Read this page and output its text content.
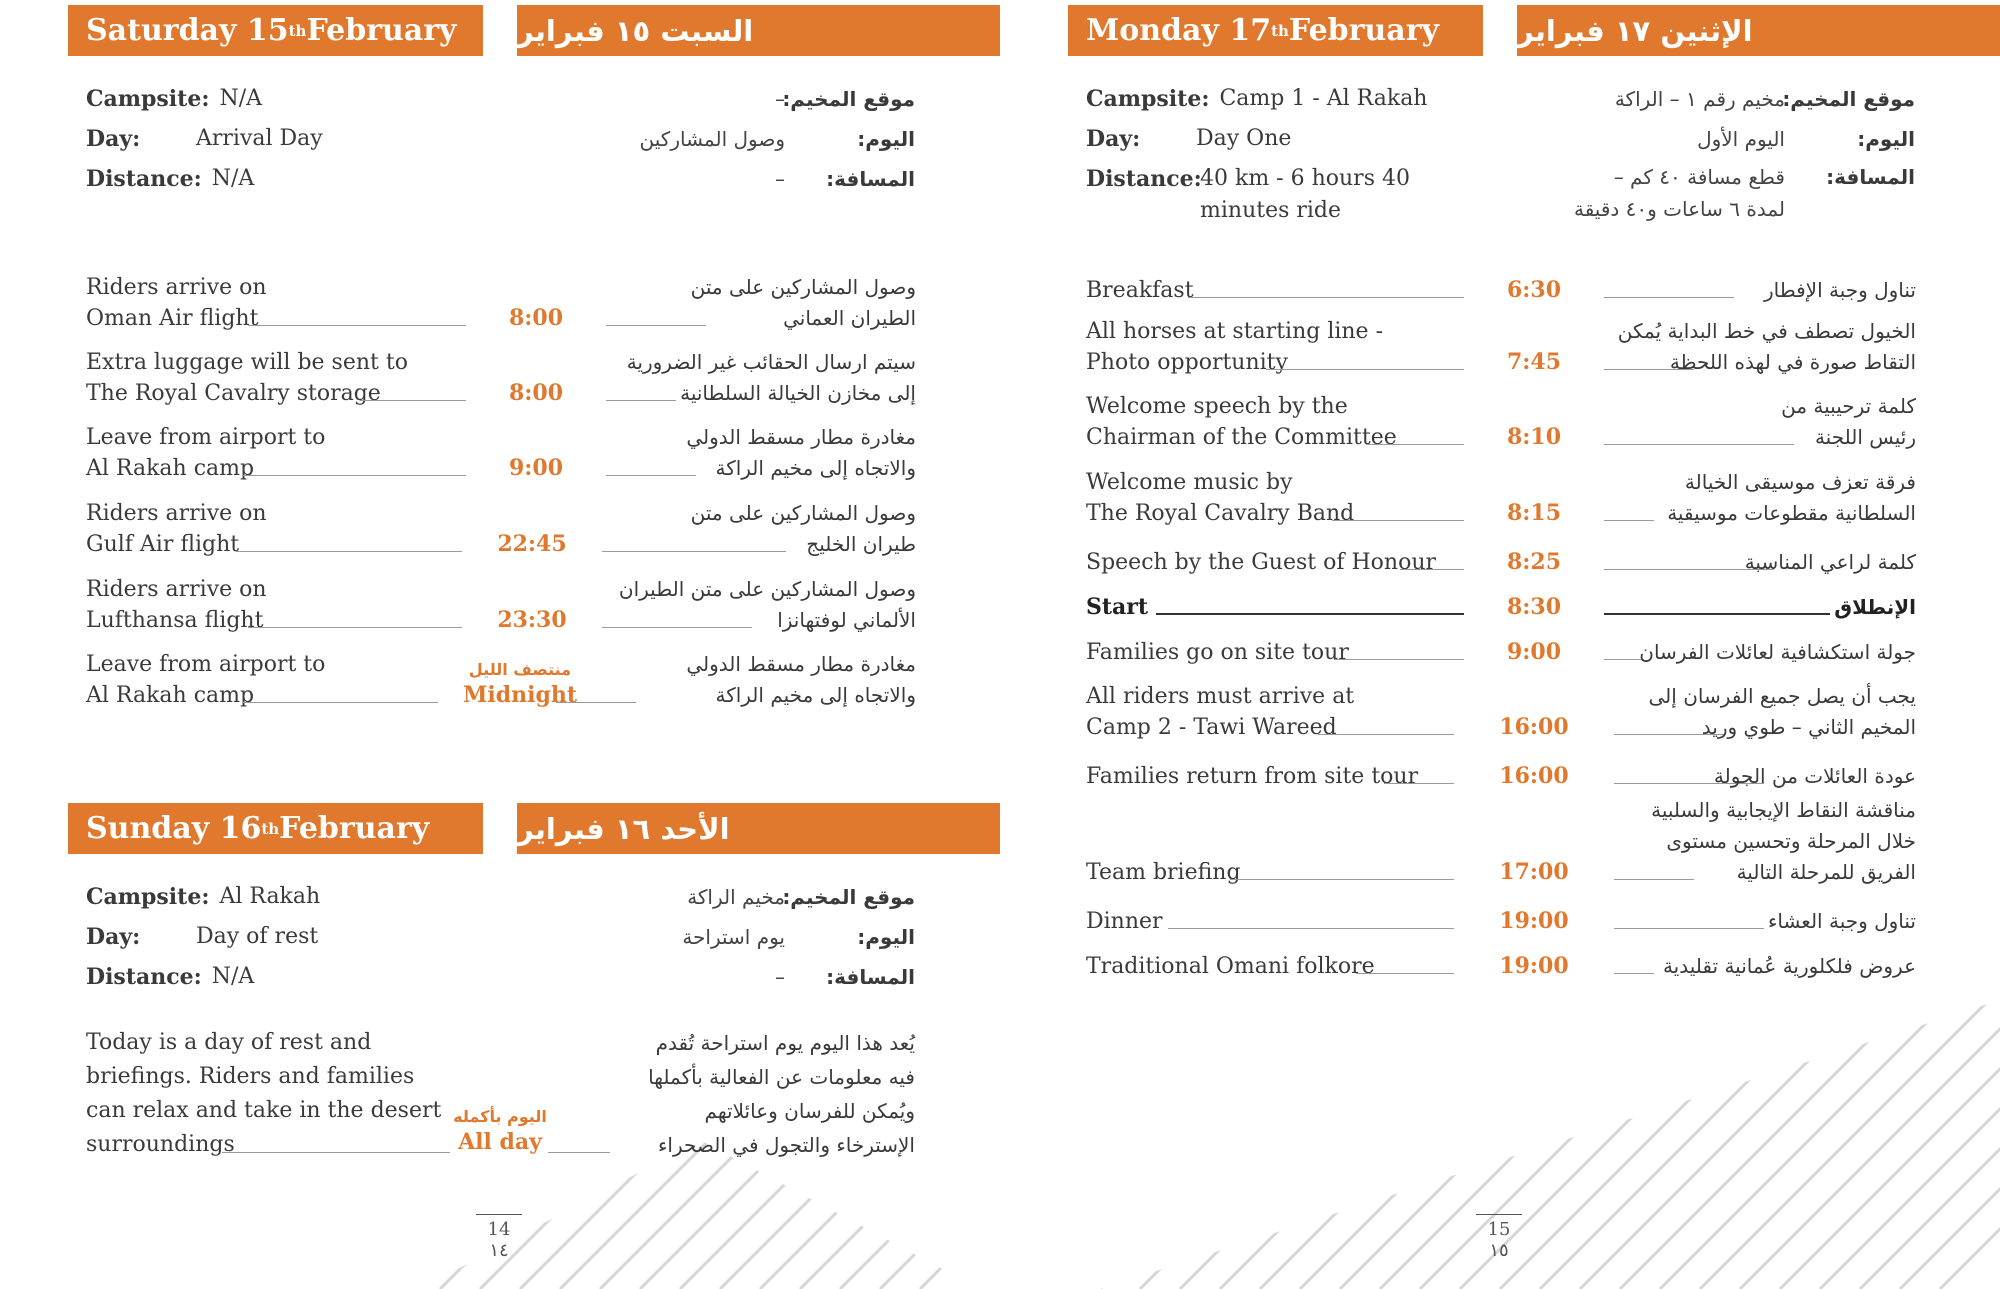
Saturday 15 th February السبت ١٥ فبراير
Campsite: N/A
Day:	Arrival Day
Distance: N/A
موقع المخيم:
–
اليوم:
وصول المشاركين
المسافة:
–
Riders arrive on
Oman Air flight	8:00
وصول المشاركين على متن
الطيران العماني
Extra luggage will be sent to
The Royal Cavalry storage	8:00
سيتم ارسال الحقائب غير الضرورية
إلى مخازن الخيالة السلطانية
Leave from airport to
Al Rakah camp	9:00
مغادرة مطار مسقط الدولي
والاتجاه إلى مخيم الراكة
Riders arrive on
Gulf Air flight	22:45
وصول المشاركين على متن
طيران الخليج
Riders arrive on
Lufthansa flight	23:30
وصول المشاركين على متن الطيران
الألماني لوفتهانزا
Leave from airport to
Al Rakah camp
منتصف الليل
Midnight
مغادرة مطار مسقط الدولي
والاتجاه إلى مخيم الراكة
Sunday 16 th February	الأحد ١٦ فبراير
Campsite: Al Rakah
Day:	Day of rest
Distance: N/A
موقع المخيم:
مخيم الراكة
اليوم:
يوم استراحة
المسافة:
–
Today is a day of rest and
briefings. Riders and families
can relax and take in the desert
surroundings
اليوم بأكمله
All day
يُعد هذا اليوم يوم استراحة تُقدم
فيه معلومات عن الفعالية بأكملها
ويُمكن للفرسان وعائلاتهم
الإسترخاء والتجول في الصحراء
14 ١٤
Monday 17 th February	الإثنين ١٧ فبراير
Campsite: Camp 1 - Al Rakah
Day:	Day One
Distance:
40 km - 6 hours 40
minutes ride
موقع المخيم:
مخيم رقم ١ – الراكة
اليوم:
اليوم الأول
المسافة:
قطع مسافة ٤٠ كم –
لمدة ٦ ساعات و٤٠ دقيقة
Breakfast	6:30	تناول وجبة الإفطار
All horses at starting line -
Photo opportunity	7:45
الخيول تصطف في خط البداية يُمكن
التقاط صورة في لهذه اللحظة
Welcome speech by the
Chairman of the Committee	8:10
كلمة ترحيبية من
رئيس اللجنة
Welcome music by
The Royal Cavalry Band	8:15
فرقة تعزف موسيقى الخيالة
السلطانية مقطوعات موسيقية
Speech by the Guest of Honour	8:25	كلمة لراعي المناسبة
Start	8:30	الإنطلاق
Families go on site tour	9:00	جولة استكشافية لعائلات الفرسان
All riders must arrive at
Camp 2 - Tawi Wareed	16:00
يجب أن يصل جميع الفرسان إلى
المخيم الثاني – طوي وريد
Families return from site tour	16:00	عودة العائلات من الجولة
Team briefing	17:00
مناقشة النقاط الإيجابية والسلبية
خلال المرحلة وتحسين مستوى
الفريق للمرحلة التالية
Dinner	19:00	تناول وجبة العشاء
Traditional Omani folkore	19:00	عروض فلكلورية عُمانية تقليدية
15 ١٥
